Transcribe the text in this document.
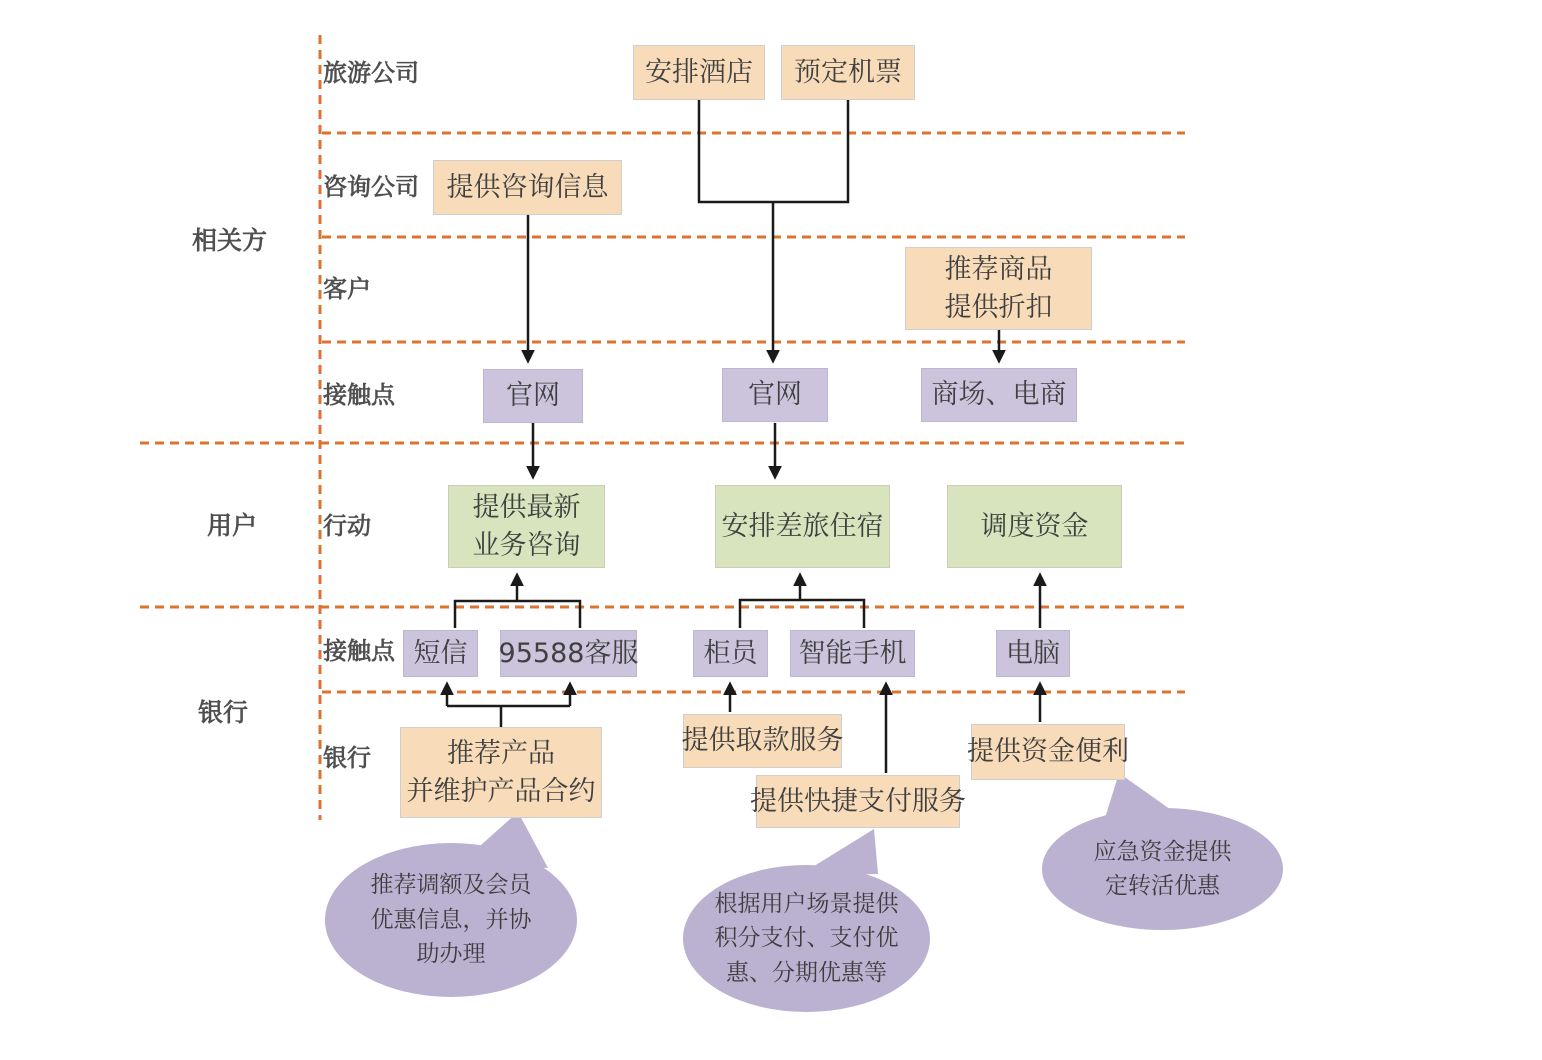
相关方
用户
银行
旅游公司
咨询公司
客户
接触点
行动
接触点
银行
安排酒店 预定机票
提供咨询信息
推荐商品
提供折扣
推荐产品
并维护产品合约
提供取款服务
提供快捷支付服务
提供资金便利
官网	官网	商场、电商
短信 95588客服 柜员 智能手机	电脑
提供最新
业务咨询
安排差旅住宿	调度资金
推荐调额及会员
优惠信息，并协
助办理
根据用户场景提供
积分支付、支付优
惠、分期优惠等
应急资金提供
定转活优惠
